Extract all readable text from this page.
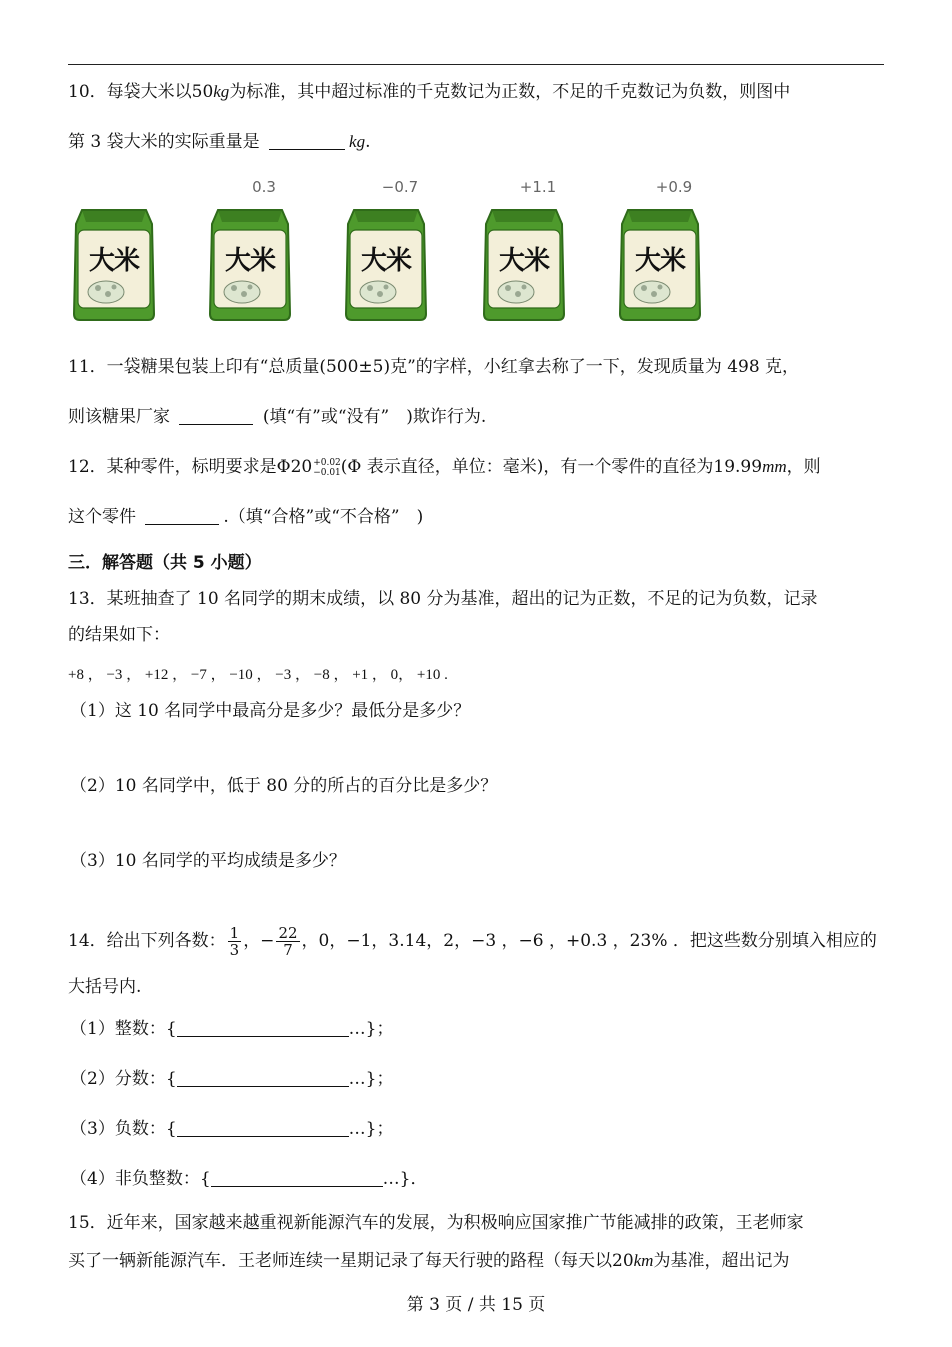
10．每袋大米以50kg为标准，其中超过标准的千克数记为正数，不足的千克数记为负数，则图中
第 3 袋大米的实际重量是	kg.
大米
0.3
大米
−0.7
大米
+1.1
大米
+0.9
大米
11．一袋糖果包装上印有“总质量(500±5)克”的字样，小红拿去称了一下，发现质量为 498 克，
则该糖果厂家	(填“有”或“没有”　)欺诈行为.
12．某种零件，标明要求是Φ20 +0.02
−0.01 (Φ 表示直径，单位：毫米)，有一个零件的直径为19.99mm，则
这个零件	.（填“合格”或“不合格”　)
三．解答题（共 5 小题）
13．某班抽查了 10 名同学的期末成绩，以 80 分为基准，超出的记为正数，不足的记为负数，记录
的结果如下：
+8 ， −3 ， +12 ， −7 ， −10 ， −3 ， −8 ， +1 ， 0， +10 .
（1）这 10 名同学中最高分是多少？最低分是多少？
（2）10 名同学中，低于 80 分的所占的百分比是多少？
（3）10 名同学的平均成绩是多少？
14．给出下列各数： $\frac{1}{3}$ ，− $\frac{22}{7}$ ，0，−1，3.14，2，−3 ，−6 ，+0.3 ，23% ．把这些数分别填入相应的
大括号内.
（1）整数：{	…}；
（2）分数：{	…}；
（3）负数：{	…}；
（4）非负整数：{	…}．
15．近年来，国家越来越重视新能源汽车的发展，为积极响应国家推广节能减排的政策，王老师家
买了一辆新能源汽车．王老师连续一星期记录了每天行驶的路程（每天以20km为基准，超出记为
第 3 页 / 共 15 页
